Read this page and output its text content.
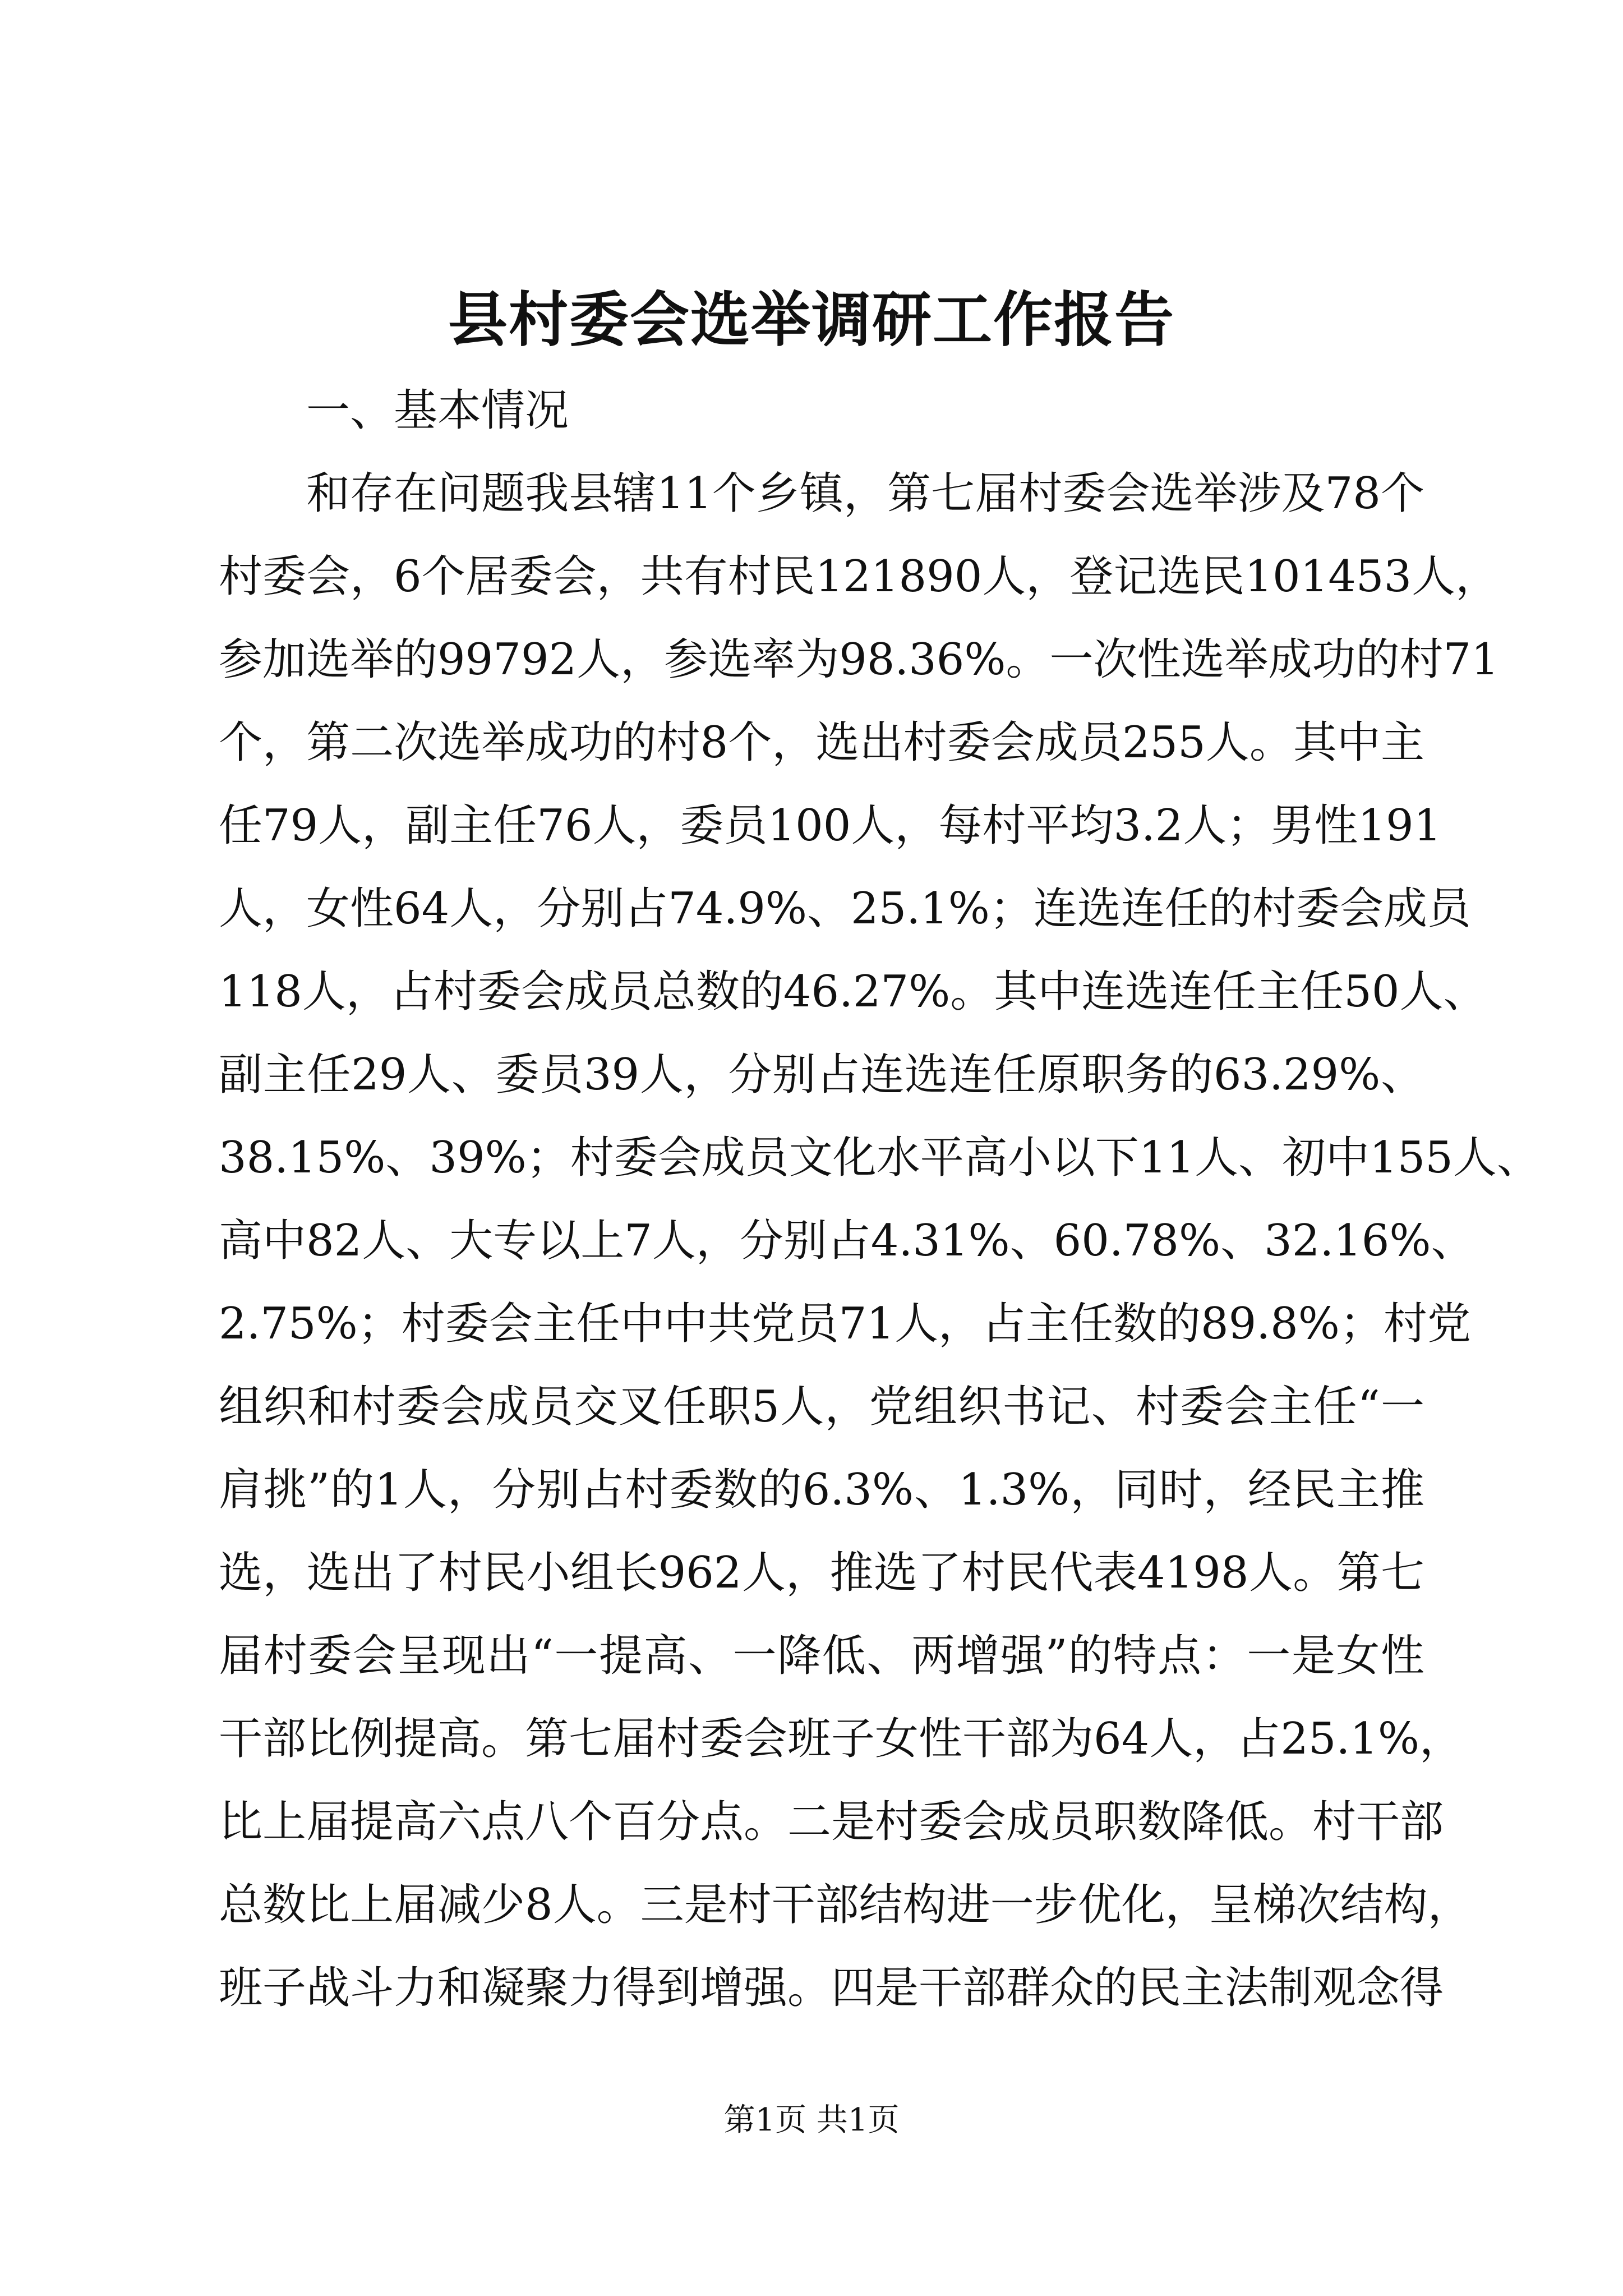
县村委会选举调研工作报告
一、基本情况
和存在问题我县辖11个乡镇，第七届村委会选举涉及78个
村委会，6个居委会，共有村民121890人，登记选民101453人，
参加选举的99792人，参选率为98.36%。一次性选举成功的村71
个，第二次选举成功的村8个，选出村委会成员255人。其中主
任79人，副主任76人，委员100人，每村平均3.2人；男性191
人，女性64人，分别占74.9%、25.1%；连选连任的村委会成员
118人，占村委会成员总数的46.27%。其中连选连任主任50人、
副主任29人、委员39人，分别占连选连任原职务的63.29%、
38.15%、39%；村委会成员文化水平高小以下11人、初中155人、
高中82人、大专以上7人，分别占4.31%、60.78%、32.16%、
2.75%；村委会主任中中共党员71人，占主任数的89.8%；村党
组织和村委会成员交叉任职5人，党组织书记、村委会主任“一
肩挑”的1人，分别占村委数的6.3%、1.3%，同时，经民主推
选，选出了村民小组长962人，推选了村民代表4198人。第七
届村委会呈现出“一提高、一降低、两增强”的特点：一是女性
干部比例提高。第七届村委会班子女性干部为64人，占25.1%，
比上届提高六点八个百分点。二是村委会成员职数降低。村干部
总数比上届减少8人。三是村干部结构进一步优化，呈梯次结构，
班子战斗力和凝聚力得到增强。四是干部群众的民主法制观念得
第1页 共1页
